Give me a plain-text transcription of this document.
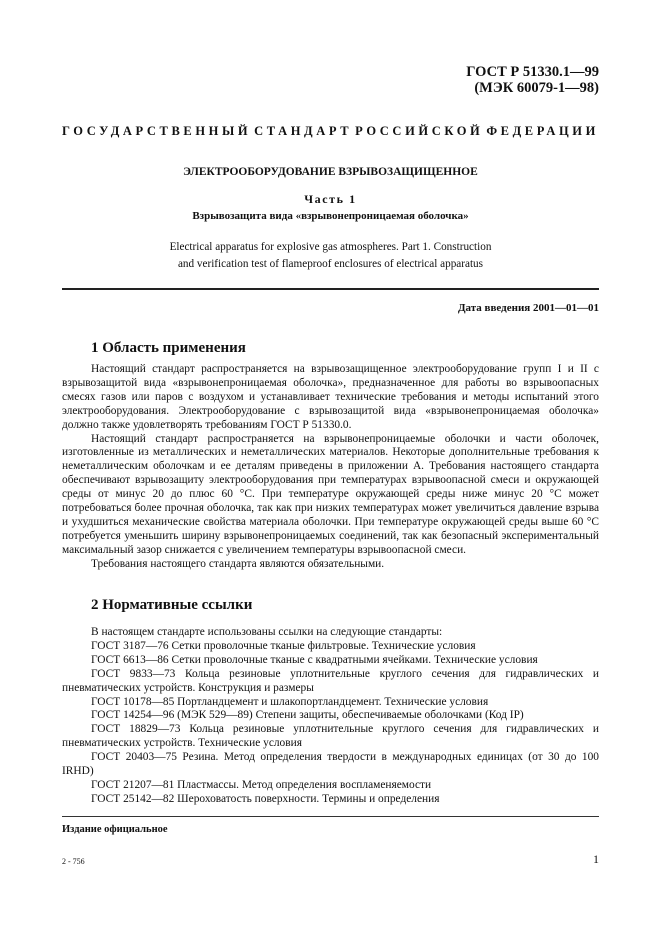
ГОСТ Р 51330.1—99
(МЭК 60079-1—98)
ГОСУДАРСТВЕННЫЙ СТАНДАРТ РОССИЙСКОЙ ФЕДЕРАЦИИ
ЭЛЕКТРООБОРУДОВАНИЕ ВЗРЫВОЗАЩИЩЕННОЕ
Часть 1
Взрывозащита вида «взрывонепроницаемая оболочка»
Electrical apparatus for explosive gas atmospheres. Part 1. Construction
and verification test of flameproof enclosures of electrical apparatus
Дата введения 2001—01—01
1 Область применения

Настоящий стандарт распространяется на взрывозащищенное электрооборудование групп I и II с взрывозащитой вида «взрывонепроницаемая оболочка», предназначенное для работы во взрывоопасных смесях газов или паров с воздухом и устанавливает технические требования и методы испытаний этого электрооборудования. Электрооборудование с взрывозащитой вида «взрывонепроницаемая оболочка» должно также удовлетворять требованиям ГОСТ Р 51330.0.

Настоящий стандарт распространяется на взрывонепроницаемые оболочки и части оболочек, изготовленные из металлических и неметаллических материалов. Некоторые дополнительные требования к неметаллическим оболочкам и ее деталям приведены в приложении А. Требования настоящего стандарта обеспечивают взрывозащиту электрооборудования при температурах взрывоопасной смеси и окружающей среды от минус 20 до плюс 60 °С. При температуре окружающей среды ниже минус 20 °С может потребоваться более прочная оболочка, так как при низких температурах может увеличиться давление взрыва и ухудшиться механические свойства материала оболочки. При температуре окружающей среды выше 60 °С потребуется уменьшить ширину взрывонепроницаемых соединений, так как безопасный экспериментальный максимальный зазор снижается с увеличением температуры взрывоопасной смеси.

Требования настоящего стандарта являются обязательными.

2 Нормативные ссылки
В настоящем стандарте использованы ссылки на следующие стандарты:
ГОСТ 3187—76 Сетки проволочные тканые фильтровые. Технические условия
ГОСТ 6613—86 Сетки проволочные тканые с квадратными ячейками. Технические условия
ГОСТ 9833—73 Кольца резиновые уплотнительные круглого сечения для гидравлических и пневматических устройств. Конструкция и размеры
ГОСТ 10178—85 Портландцемент и шлакопортландцемент. Технические условия
ГОСТ 14254—96 (МЭК 529—89) Степени защиты, обеспечиваемые оболочками (Код IP)
ГОСТ 18829—73 Кольца резиновые уплотнительные круглого сечения для гидравлических и пневматических устройств. Технические условия
ГОСТ 20403—75 Резина. Метод определения твердости в международных единицах (от 30 до 100 IRHD)
ГОСТ 21207—81 Пластмассы. Метод определения воспламеняемости
ГОСТ 25142—82 Шероховатость поверхности. Термины и определения
Издание официальное
2 - 756	1
